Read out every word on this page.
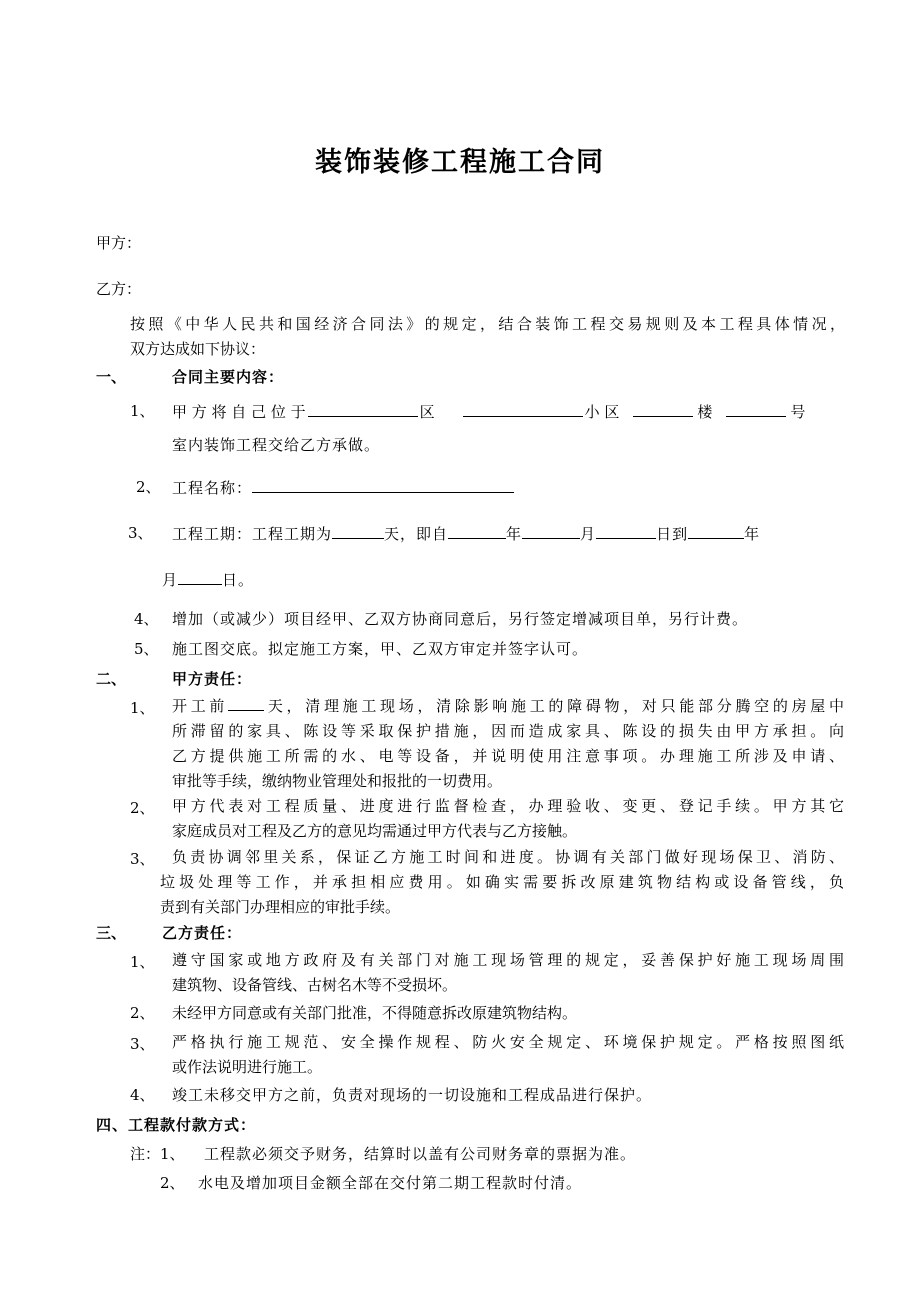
装饰装修工程施工合同
甲方：
乙方：
按照《中华人民共和国经济合同法》的规定，结合装饰工程交易规则及本工程具体情况，
双方达成如下协议：
一、	合同主要内容：
1、 甲 方 将 自 己 位 于	区	小 区	楼	号
室内装饰工程交给乙方承做。
2、 工程名称：
3、 工程工期：工程工期为	天，即自	年	月	日到	年
月	日。
4、 增加（或减少）项目经甲、乙双方协商同意后，另行签定增减项目单，另行计费。
5、 施工图交底。拟定施工方案，甲、乙双方审定并签字认可。
二、	甲方责任：
1、 开工前 天，清理施工现场，清除影响施工的障碍物，对只能部分腾空的房屋中
所滞留的家具、陈设等采取保护措施，因而造成家具、陈设的损失由甲方承担。向
乙方提供施工所需的水、电等设备，并说明使用注意事项。办理施工所涉及申请、
审批等手续，缴纳物业管理处和报批的一切费用。
2、 甲方代表对工程质量、进度进行监督检查，办理验收、变更、登记手续。甲方其它
家庭成员对工程及乙方的意见均需通过甲方代表与乙方接触。
3、 负责协调邻里关系，保证乙方施工时间和进度。协调有关部门做好现场保卫、消防、
垃圾处理等工作，并承担相应费用。如确实需要拆改原建筑物结构或设备管线，负
责到有关部门办理相应的审批手续。
三、 乙方责任：
1、 遵守国家或地方政府及有关部门对施工现场管理的规定，妥善保护好施工现场周围
建筑物、设备管线、古树名木等不受损坏。
2、 未经甲方同意或有关部门批准，不得随意拆改原建筑物结构。
3、 严格执行施工规范、安全操作规程、防火安全规定、环境保护规定。严格按照图纸
或作法说明进行施工。
4、 竣工未移交甲方之前，负责对现场的一切设施和工程成品进行保护。
四、工程款付款方式：
注：1、 工程款必须交予财务，结算时以盖有公司财务章的票据为准。
2、 水电及增加项目金额全部在交付第二期工程款时付清。
